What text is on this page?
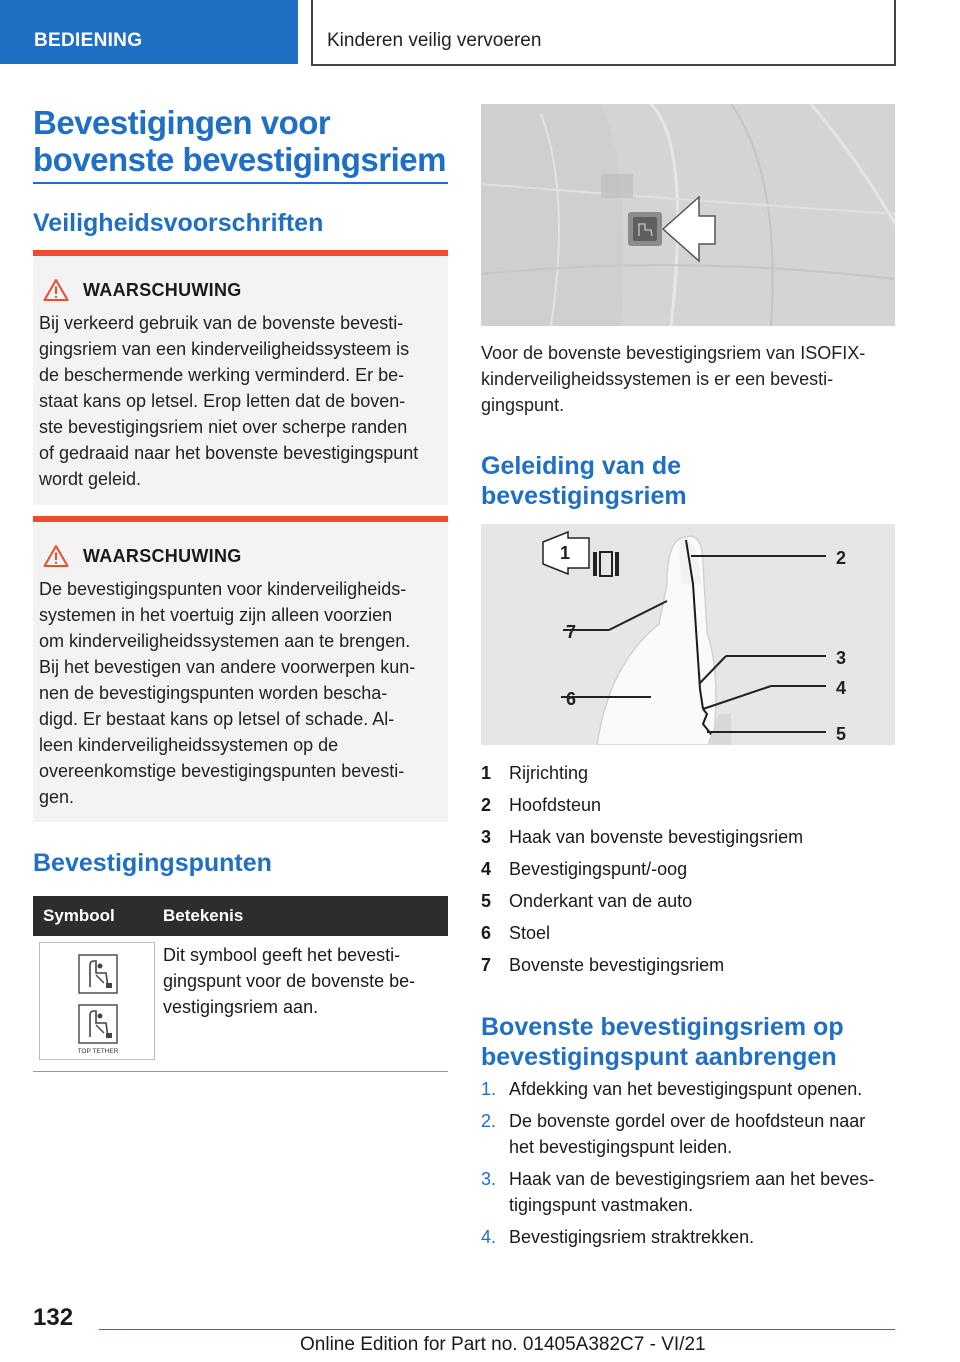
BEDIENING	Kinderen veilig vervoeren
Bevestigingen voor bovenste bevestigingsriem
Veiligheidsvoorschriften
WAARSCHUWING

Bij verkeerd gebruik van de bovenste bevesti-
gingsriem van een kinderveiligheidssysteem is
de beschermende werking verminderd. Er be-
staat kans op letsel. Erop letten dat de boven-
ste bevestigingsriem niet over scherpe randen
of gedraaid naar het bovenste bevestigingspunt
wordt geleid.

WAARSCHUWING

De bevestigingspunten voor kinderveiligheids-
systemen in het voertuig zijn alleen voorzien
om kinderveiligheidssystemen aan te brengen.
Bij het bevestigen van andere voorwerpen kun-
nen de bevestigingspunten worden bescha-
digd. Er bestaat kans op letsel of schade. Al-
leen kinderveiligheidssystemen op de
overeenkomstige bevestigingspunten bevesti-
gen.

Bevestigingspunten
Symbool	Betekenis
TOP TETHER
Dit symbool geeft het bevesti-
gingspunt voor de bovenste be-
vestigingsriem aan.
Voor de bovenste bevestigingsriem van ISOFIX-
kinderveiligheidssystemen is er een bevesti-
gingspunt.
Geleiding van de
bevestigingsriem
1	2
7
3
4
6
5
1 Rijrichting
2 Hoofdsteun
3 Haak van bovenste bevestigingsriem
4 Bevestigingspunt/-oog
5 Onderkant van de auto
6 Stoel
7 Bovenste bevestigingsriem
Bovenste bevestigingsriem op
bevestigingspunt aanbrengen
1. Afdekking van het bevestigingspunt openen.
2. De bovenste gordel over de hoofdsteun naar
het bevestigingspunt leiden.
3. Haak van de bevestigingsriem aan het beves-
tigingspunt vastmaken.
4. Bevestigingsriem straktrekken.
132
Online Edition for Part no. 01405A382C7 - VI/21
